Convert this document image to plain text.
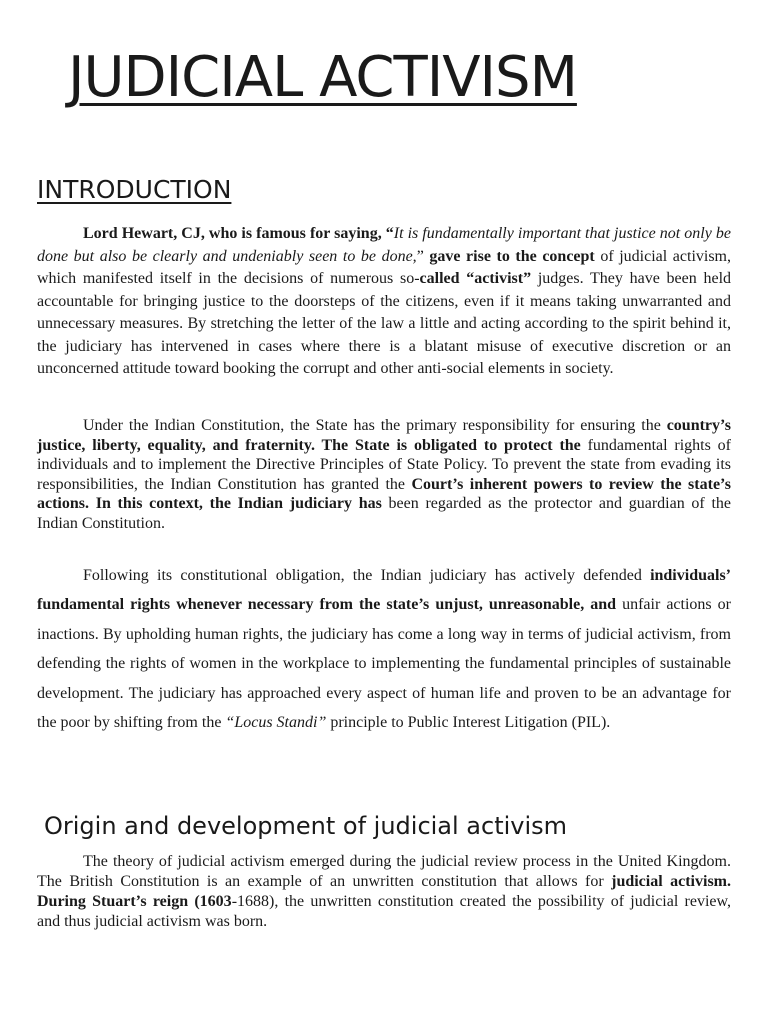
JUDICIAL ACTIVISM
INTRODUCTION

Lord Hewart, CJ, who is famous for saying, “It is fundamentally important that justice not only be done but also be clearly and undeniably seen to be done,” gave rise to the concept of judicial activism, which manifested itself in the decisions of numerous so-called “activist” judges. They have been held accountable for bringing justice to the doorsteps of the citizens, even if it means taking unwarranted and unnecessary measures. By stretching the letter of the law a little and acting according to the spirit behind it, the judiciary has intervened in cases where there is a blatant misuse of executive discretion or an unconcerned attitude toward booking the corrupt and other anti-social elements in society.

Under the Indian Constitution, the State has the primary responsibility for ensuring the country’s justice, liberty, equality, and fraternity. The State is obligated to protect the fundamental rights of individuals and to implement the Directive Principles of State Policy. To prevent the state from evading its responsibilities, the Indian Constitution has granted the Court’s inherent powers to review the state’s actions. In this context, the Indian judiciary has been regarded as the protector and guardian of the Indian Constitution.

Following its constitutional obligation, the Indian judiciary has actively defended individuals’ fundamental rights whenever necessary from the state’s unjust, unreasonable, and unfair actions or inactions. By upholding human rights, the judiciary has come a long way in terms of judicial activism, from defending the rights of women in the workplace to implementing the fundamental principles of sustainable development. The judiciary has approached every aspect of human life and proven to be an advantage for the poor by shifting from the “Locus Standi” principle to Public Interest Litigation (PIL).

Origin and development of judicial activism

The theory of judicial activism emerged during the judicial review process in the United Kingdom. The British Constitution is an example of an unwritten constitution that allows for judicial activism. During Stuart’s reign (1603-1688), the unwritten constitution created the possibility of judicial review, and thus judicial activism was born.
